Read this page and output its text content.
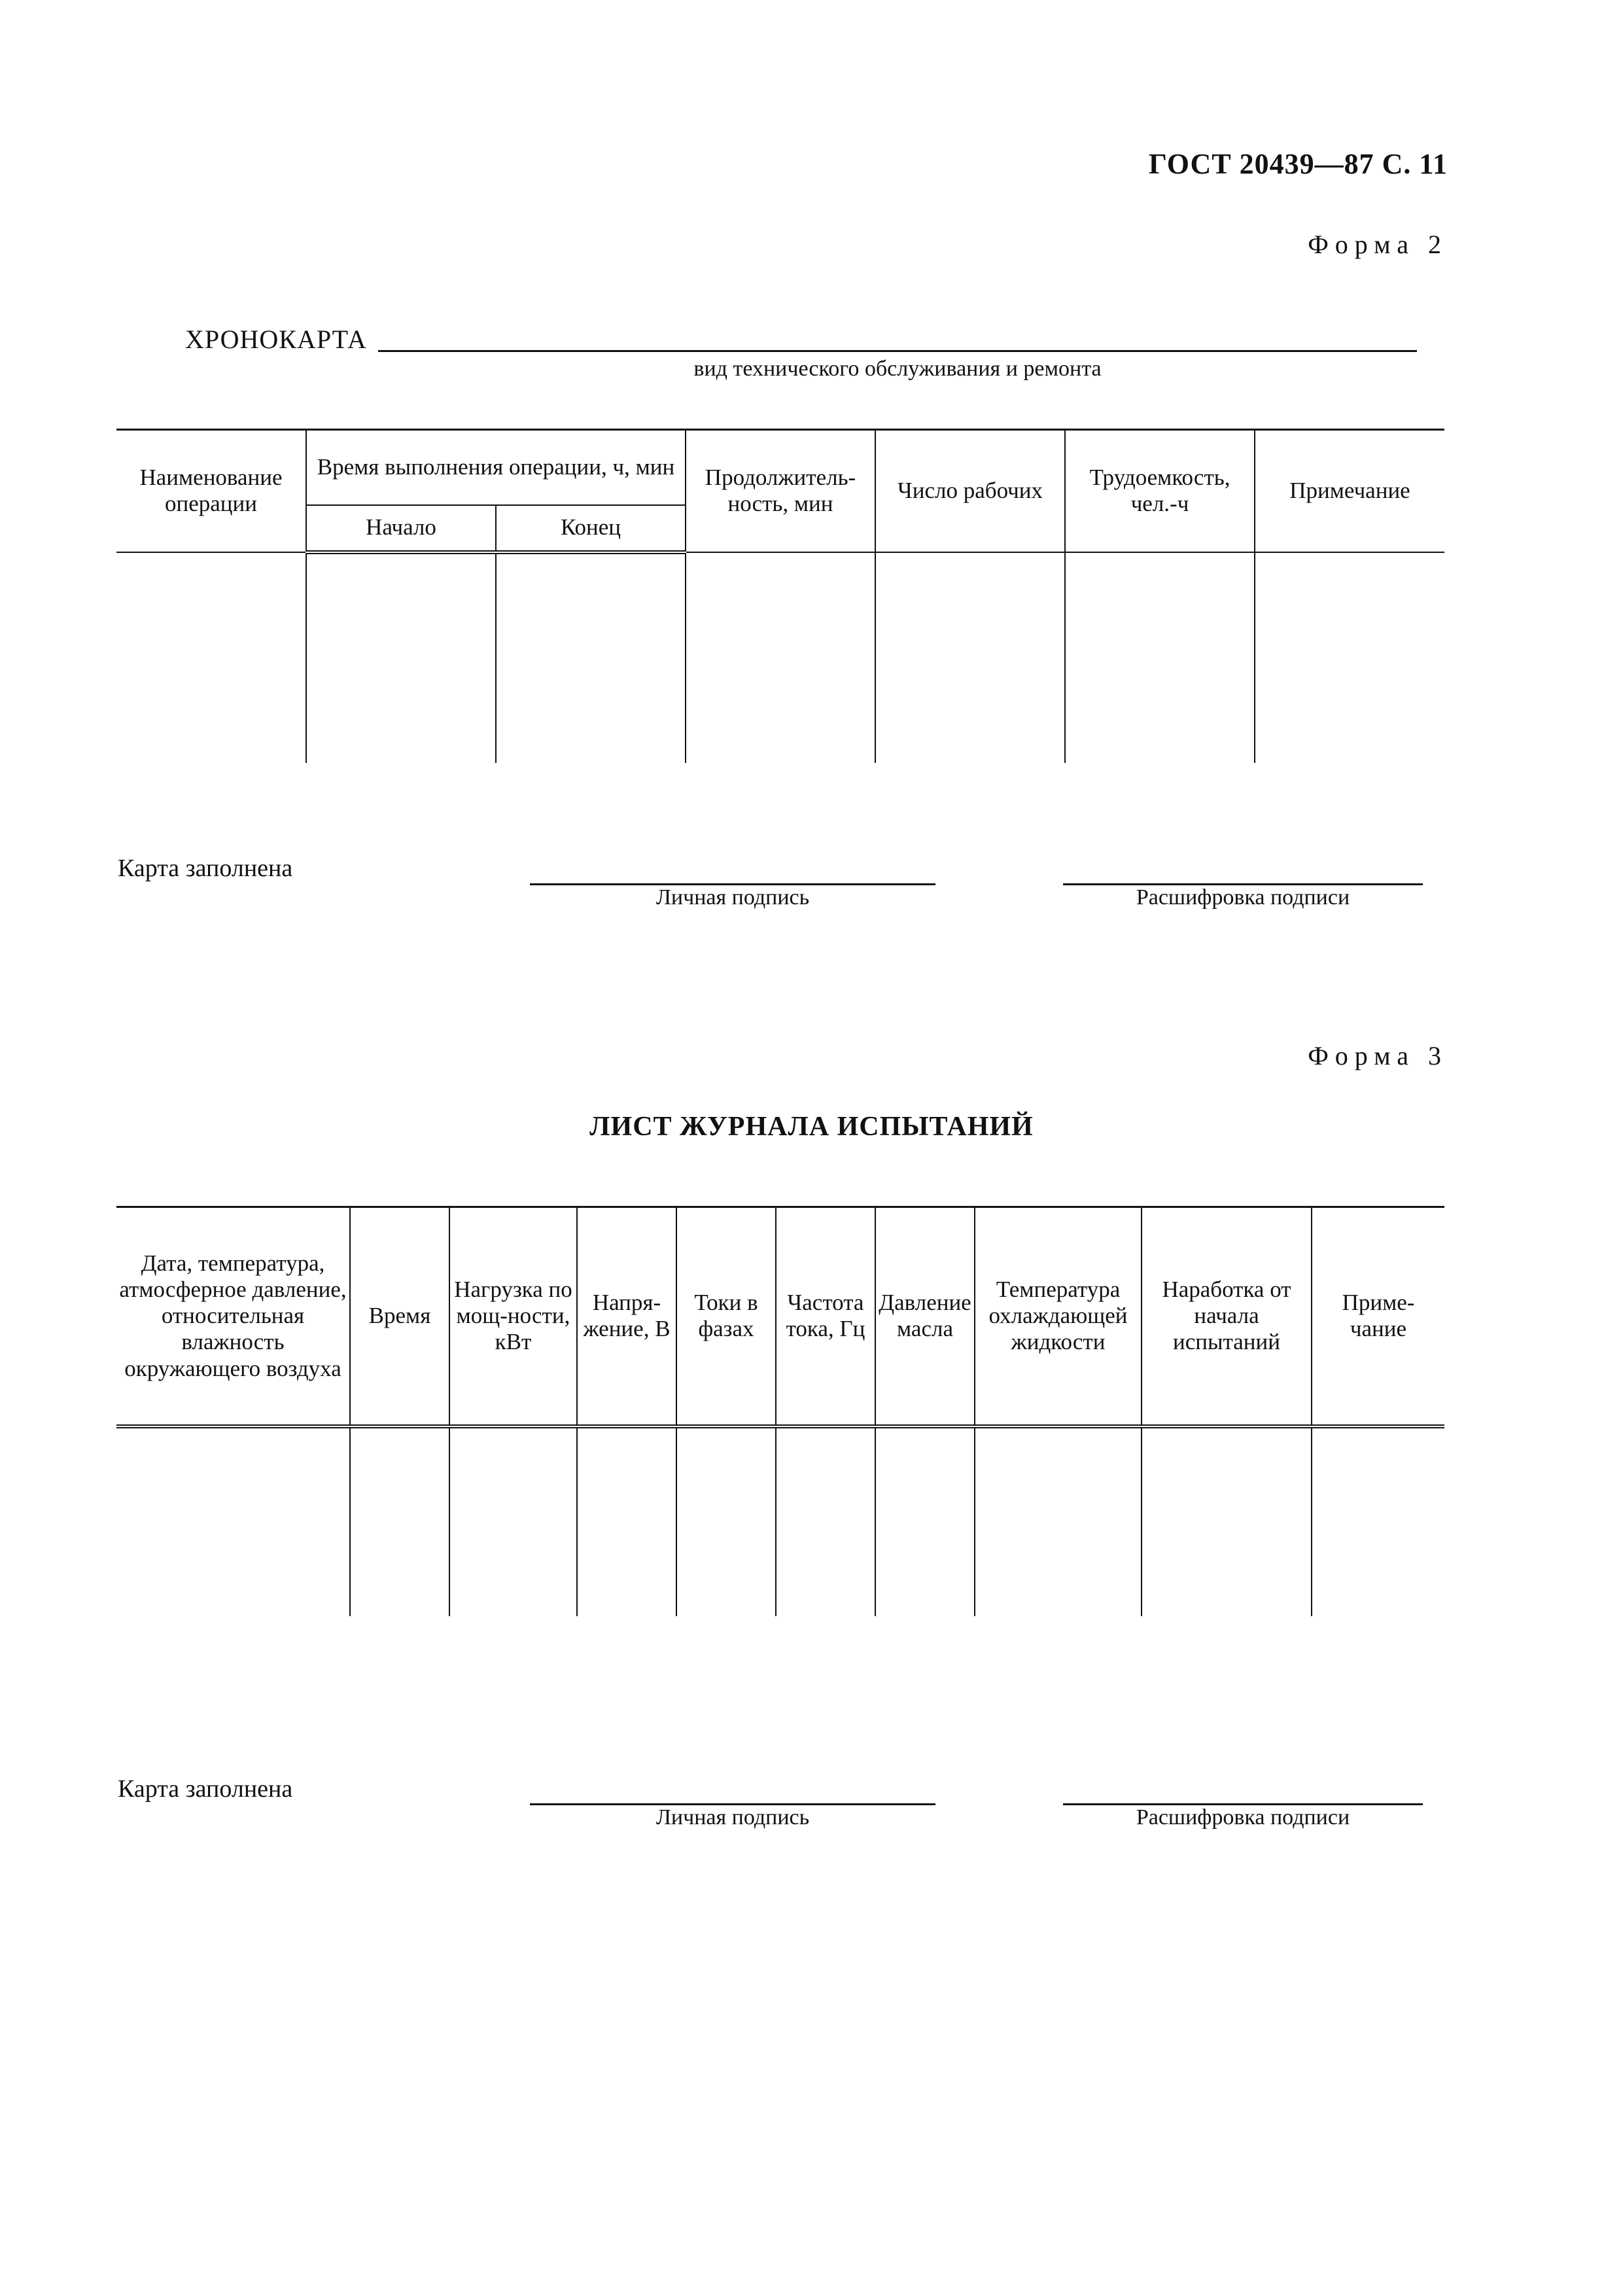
ГОСТ 20439—87 С. 11
Форма 2
ХРОНОКАРТА
вид технического обслуживания и ремонта
Наименование операции	Время выполнения операции, ч, мин		Продолжитель-ность, мин	Число рабочих	Трудоемкость, чел.-ч	Примечание
	Начало	Конец				

Карта заполнена
Личная подпись	Расшифровка подписи
Форма 3
ЛИСТ ЖУРНАЛА ИСПЫТАНИЙ
Дата, температура, атмосферное давление, относительная влажность окружающего воздуха	Время	Нагрузка по мощ-ности, кВт	Напря-жение, В	Токи в фазах	Частота тока, Гц	Давление масла	Температура охлаждающей жидкости	Наработка от начала испытаний	Приме-чание

Карта заполнена
Личная подпись	Расшифровка подписи
